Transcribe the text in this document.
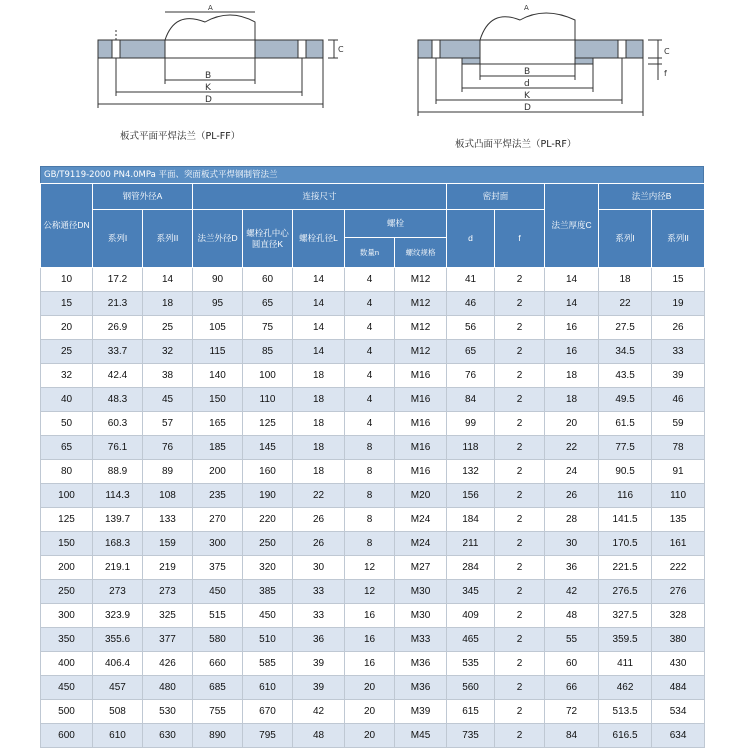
A
B
K
D
C
板式平面平焊法兰（PL-FF）
A
B
d
K
D
C
f
板式凸面平焊法兰（PL-RF）
GB/T9119-2000 PN4.0MPa 平面、突面板式平焊钢制管法兰
公称通径DN	钢管外径A		连接尺寸					密封面		法兰厚度C	法兰内径B	
	系列I	系列II	法兰外径D	螺栓孔中心圆直径K	螺栓孔径L	螺栓		d	f		系列I	系列II
						数量n	螺纹规格					
10	17.2	14	90	60	14	4	M12	41	2	14	18	15
15	21.3	18	95	65	14	4	M12	46	2	14	22	19
20	26.9	25	105	75	14	4	M12	56	2	16	27.5	26
25	33.7	32	115	85	14	4	M12	65	2	16	34.5	33
32	42.4	38	140	100	18	4	M16	76	2	18	43.5	39
40	48.3	45	150	110	18	4	M16	84	2	18	49.5	46
50	60.3	57	165	125	18	4	M16	99	2	20	61.5	59
65	76.1	76	185	145	18	8	M16	118	2	22	77.5	78
80	88.9	89	200	160	18	8	M16	132	2	24	90.5	91
100	114.3	108	235	190	22	8	M20	156	2	26	116	110
125	139.7	133	270	220	26	8	M24	184	2	28	141.5	135
150	168.3	159	300	250	26	8	M24	211	2	30	170.5	161
200	219.1	219	375	320	30	12	M27	284	2	36	221.5	222
250	273	273	450	385	33	12	M30	345	2	42	276.5	276
300	323.9	325	515	450	33	16	M30	409	2	48	327.5	328
350	355.6	377	580	510	36	16	M33	465	2	55	359.5	380
400	406.4	426	660	585	39	16	M36	535	2	60	411	430
450	457	480	685	610	39	20	M36	560	2	66	462	484
500	508	530	755	670	42	20	M39	615	2	72	513.5	534
600	610	630	890	795	48	20	M45	735	2	84	616.5	634
